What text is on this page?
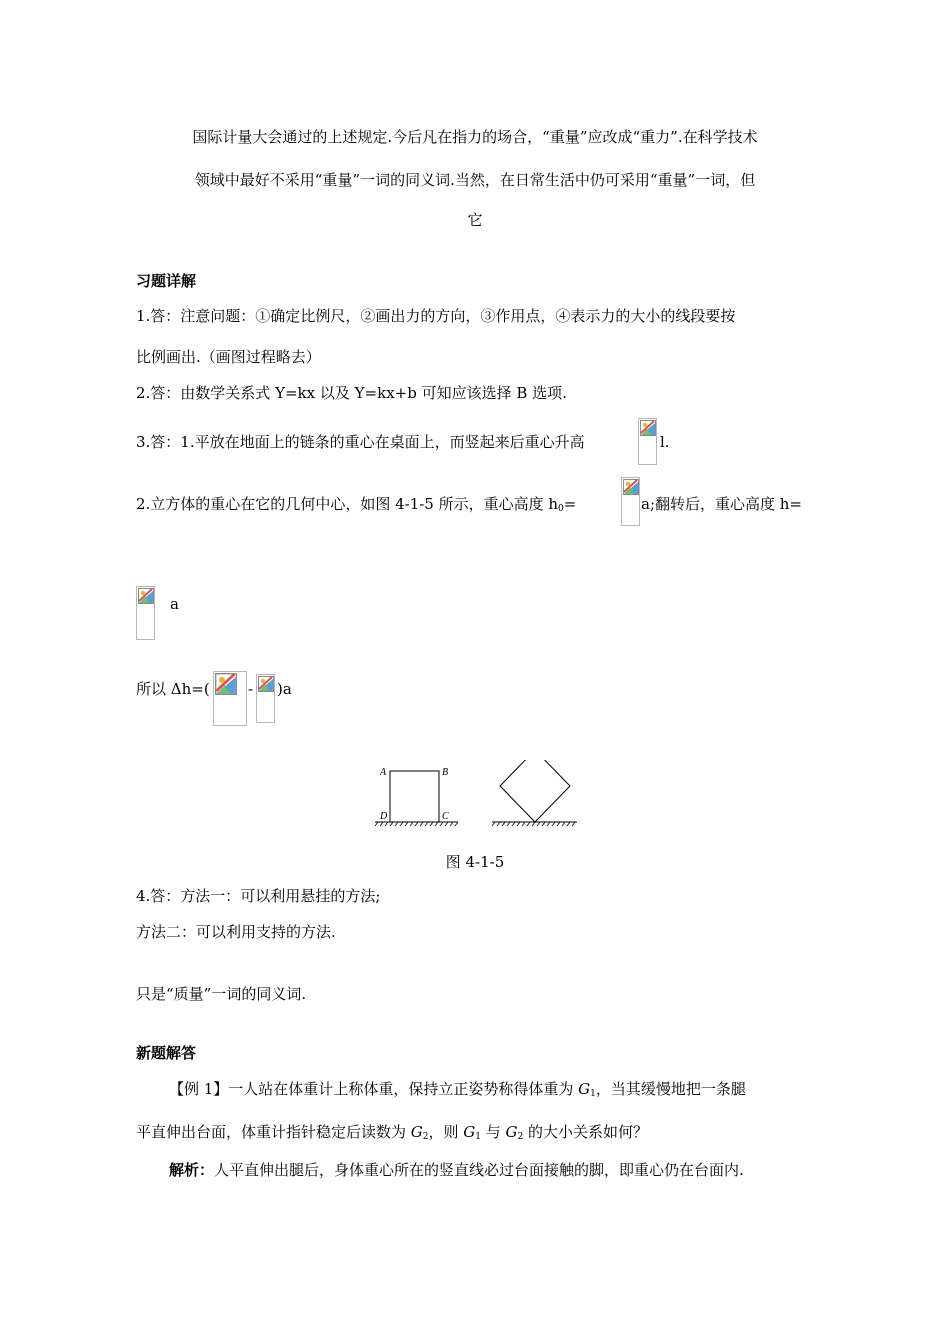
国际计量大会通过的上述规定.今后凡在指力的场合，“重量”应改成“重力”.在科学技术
领域中最好不采用“重量”一词的同义词.当然，在日常生活中仍可采用“重量”一词，但
它
习题详解
1.答：注意问题：①确定比例尺，②画出力的方向，③作用点，④表示力的大小的线段要按
比例画出.（画图过程略去）
2.答：由数学关系式 Y=kx 以及 Y=kx+b 可知应该选择 B 选项.
3.答：1.平放在地面上的链条的重心在桌面上，而竖起来后重心升高	l.
2.立方体的重心在它的几何中心，如图 4-1-5 所示，重心高度 $h_0=$	a;翻转后，重心高度 h=
a
所以 Δh=(	- )a
A	B
D	C
图 4-1-5
4.答：方法一：可以利用悬挂的方法;
方法二：可以利用支持的方法.
只是“质量”一词的同义词.
新题解答
【例 1】一人站在体重计上称体重，保持立正姿势称得体重为 $G_1$，当其缓慢地把一条腿
平直伸出台面，体重计指针稳定后读数为 $G_2$，则 $G_1$ 与 $G_2$ 的大小关系如何？
解析：人平直伸出腿后，身体重心所在的竖直线必过台面接触的脚，即重心仍在台面内.
